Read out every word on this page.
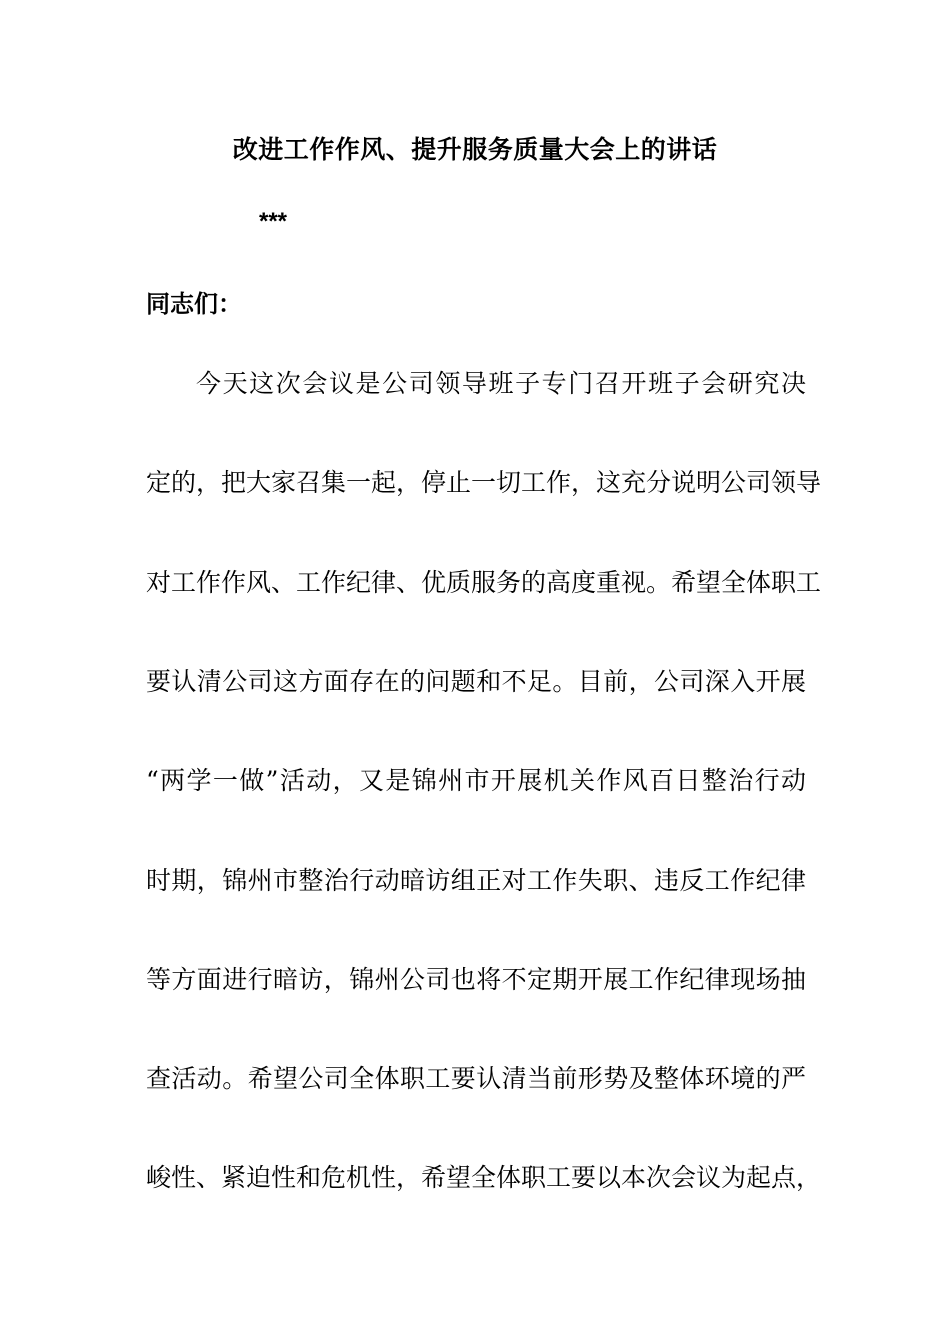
改进工作作风、提升服务质量大会上的讲话
***
同志们：
今天这次会议是公司领导班子专门召开班子会研究决
定的，把大家召集一起，停止一切工作，这充分说明公司领导
对工作作风、工作纪律、优质服务的高度重视。希望全体职工
要认清公司这方面存在的问题和不足。目前，公司深入开展
“两学一做”活动，又是锦州市开展机关作风百日整治行动
时期，锦州市整治行动暗访组正对工作失职、违反工作纪律
等方面进行暗访，锦州公司也将不定期开展工作纪律现场抽
查活动。希望公司全体职工要认清当前形势及整体环境的严
峻性、紧迫性和危机性，希望全体职工要以本次会议为起点，
